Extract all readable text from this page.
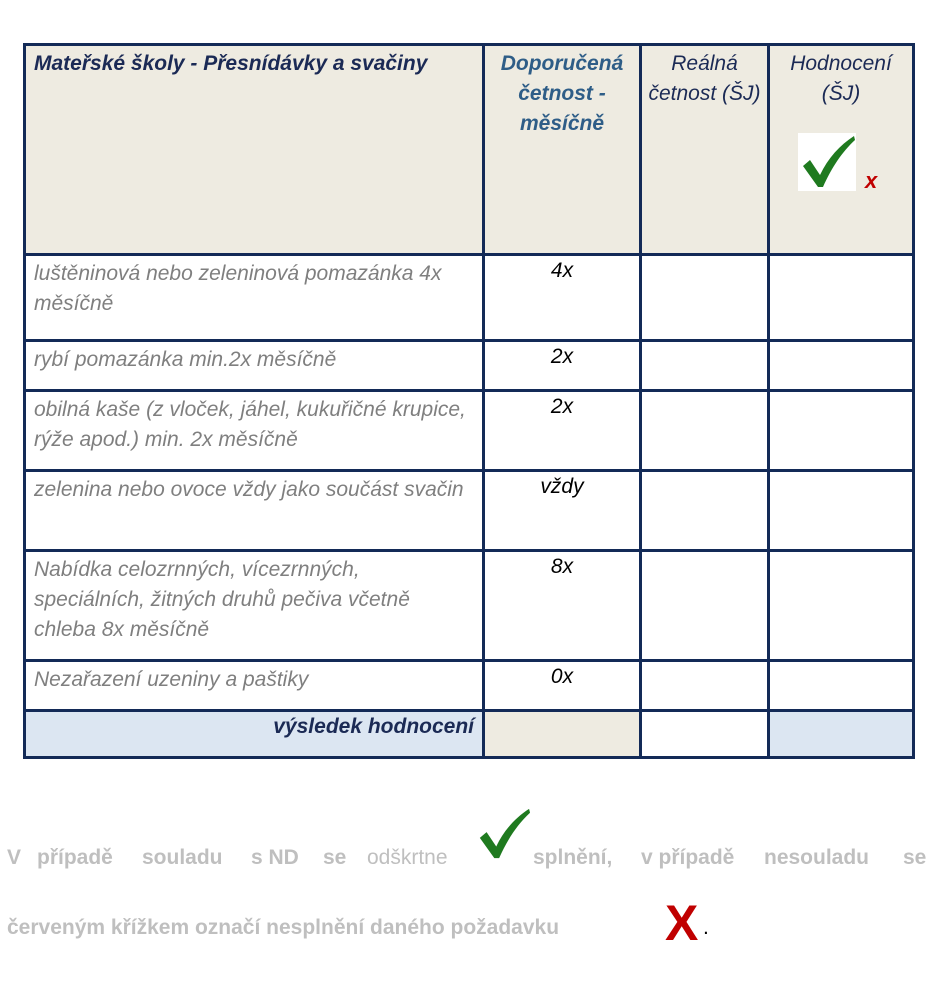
Mateřské školy - Přesnídávky a svačiny	Doporučená četnost - měsíčně	Reálná četnost (ŠJ)	Hodnocení (ŠJ)
x

luštěninová nebo zeleninová pomazánka 4x měsíčně	4x		
rybí pomazánka min.2x měsíčně	2x		
obilná kaše (z vloček, jáhel, kukuřičné krupice, rýže apod.) min. 2x měsíčně	2x		
zelenina nebo ovoce vždy jako součást svačin	vždy		
Nabídka celozrnných, vícezrnných, speciálních, žitných druhů pečiva včetně chleba 8x měsíčně	8x		
Nezařazení uzeniny a paštiky	0x		
výsledek hodnocení			
V případě souladu s ND se odškrtne	splnění, v případě nesouladu se
červeným křížkem označí nesplnění daného požadavku X .
